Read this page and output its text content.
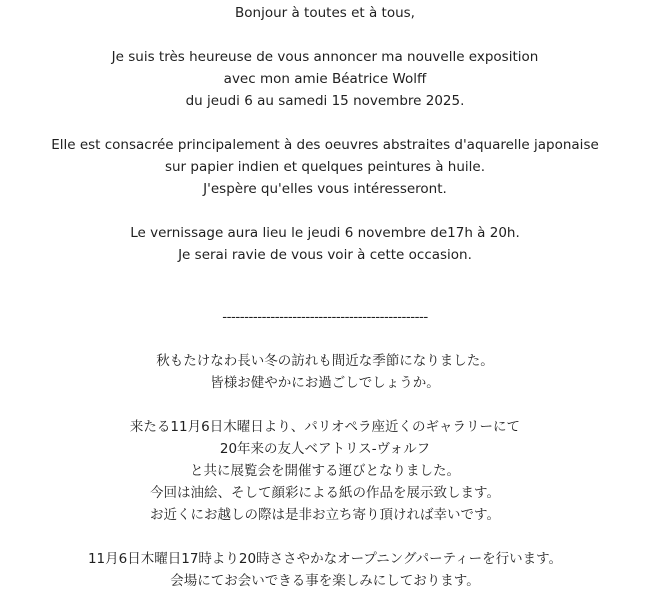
Bonjour à toutes et à tous,

Je suis très heureuse de vous annoncer ma nouvelle exposition

avec mon amie Béatrice Wolff

du jeudi 6 au samedi 15 novembre 2025.

Elle est consacrée principalement à des oeuvres abstraites d'aquarelle japonaise

sur papier indien et quelques peintures à huile.

J'espère qu'elles vous intéresseront.

Le vernissage aura lieu le jeudi 6 novembre de17h à 20h.

Je serai ravie de vous voir à cette occasion.

-----------------------------------------------

秋もたけなわ長い冬の訪れも間近な季節になりました。

皆様お健やかにお過ごしでしょうか。

来たる11月6日木曜日より、パリオペラ座近くのギャラリーにて

20年来の友人ベアトリス-ヴォルフ

と共に展覧会を開催する運びとなりました。

今回は油絵、そして顔彩による紙の作品を展示致します。

お近くにお越しの際は是非お立ち寄り頂ければ幸いです。

11月6日木曜日17時より20時ささやかなオープニングパーティーを行います。

会場にてお会いできる事を楽しみにしております。
